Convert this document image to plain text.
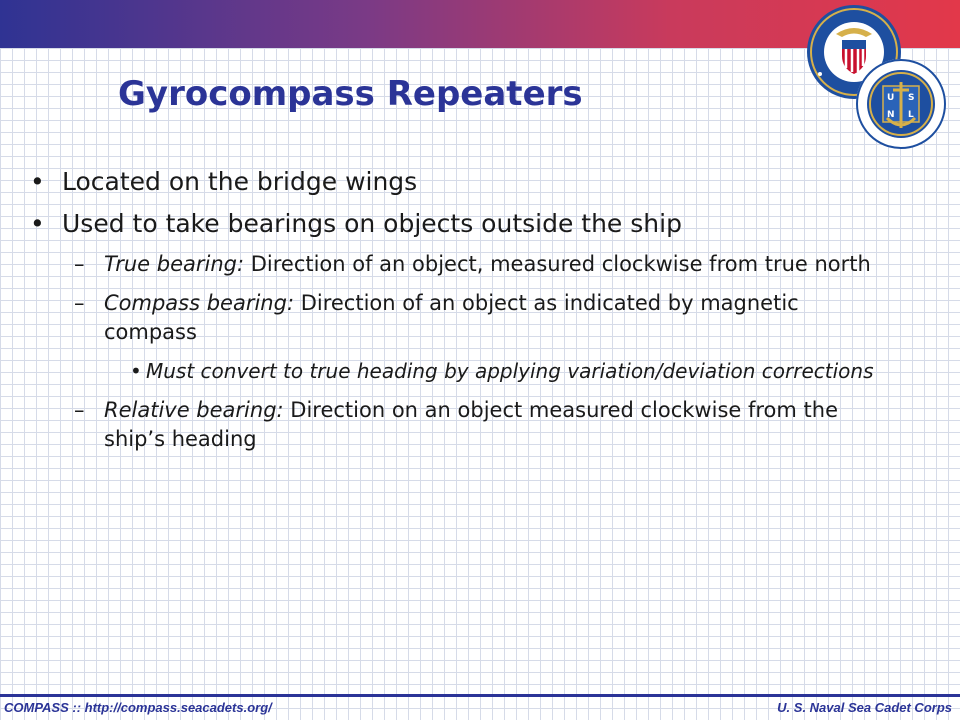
Gyrocompass Repeaters	U S
N L
• Located on the bridge wings
• Used to take bearings on objects outside the ship
– True bearing: Direction of an object, measured clockwise from true north
– Compass bearing: Direction of an object as indicated by magnetic compass
• Must convert to true heading by applying variation/deviation corrections
– Relative bearing: Direction on an object measured clockwise from the ship’s heading
COMPASS :: http://compass.seacadets.org/	U. S. Naval Sea Cadet Corps
